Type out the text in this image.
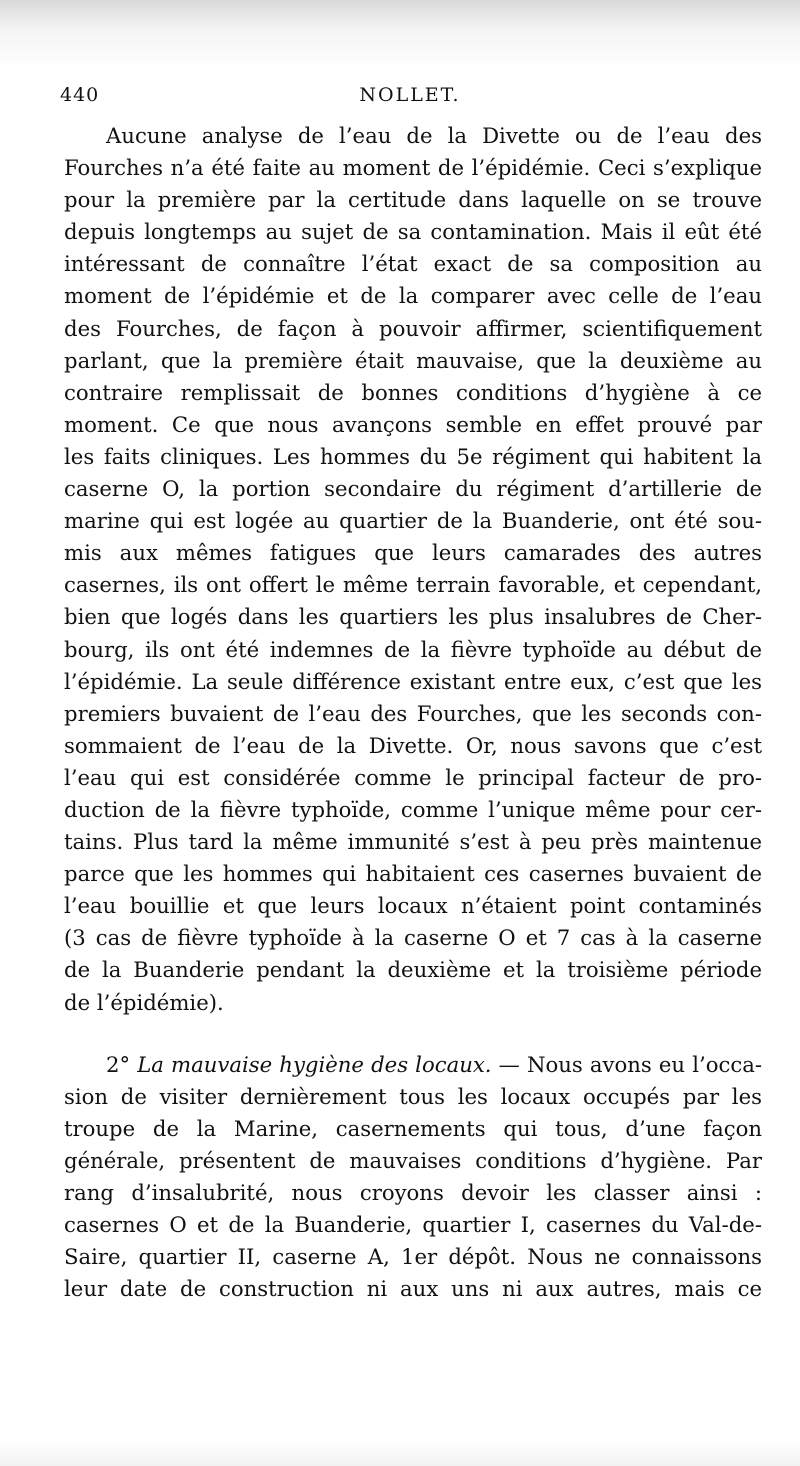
440	NOLLET.
Aucune analyse de l’eau de la Divette ou de l’eau des
Fourches n’a été faite au moment de l’épidémie. Ceci s’explique
pour la première par la certitude dans laquelle on se trouve
depuis longtemps au sujet de sa contamination. Mais il eût été
intéressant de connaître l’état exact de sa composition au
moment de l’épidémie et de la comparer avec celle de l’eau
des Fourches, de façon à pouvoir affirmer, scientifiquement
parlant, que la première était mauvaise, que la deuxième au
contraire remplissait de bonnes conditions d’hygiène à ce
moment. Ce que nous avançons semble en effet prouvé par
les faits cliniques. Les hommes du 5e régiment qui habitent la
caserne O, la portion secondaire du régiment d’artillerie de
marine qui est logée au quartier de la Buanderie, ont été sou-
mis aux mêmes fatigues que leurs camarades des autres
casernes, ils ont offert le même terrain favorable, et cependant,
bien que logés dans les quartiers les plus insalubres de Cher-
bourg, ils ont été indemnes de la fièvre typhoïde au début de
l’épidémie. La seule différence existant entre eux, c’est que les
premiers buvaient de l’eau des Fourches, que les seconds con-
sommaient de l’eau de la Divette. Or, nous savons que c’est
l’eau qui est considérée comme le principal facteur de pro-
duction de la fièvre typhoïde, comme l’unique même pour cer-
tains. Plus tard la même immunité s’est à peu près maintenue
parce que les hommes qui habitaient ces casernes buvaient de
l’eau bouillie et que leurs locaux n’étaient point contaminés
(3 cas de fièvre typhoïde à la caserne O et 7 cas à la caserne
de la Buanderie pendant la deuxième et la troisième période
de l’épidémie).
2° La mauvaise hygiène des locaux. — Nous avons eu l’occa-
sion de visiter dernièrement tous les locaux occupés par les
troupe de la Marine, casernements qui tous, d’une façon
générale, présentent de mauvaises conditions d’hygiène. Par
rang d’insalubrité, nous croyons devoir les classer ainsi :
casernes O et de la Buanderie, quartier I, casernes du Val-de-
Saire, quartier II, caserne A, 1er dépôt. Nous ne connaissons
leur date de construction ni aux uns ni aux autres, mais ce
